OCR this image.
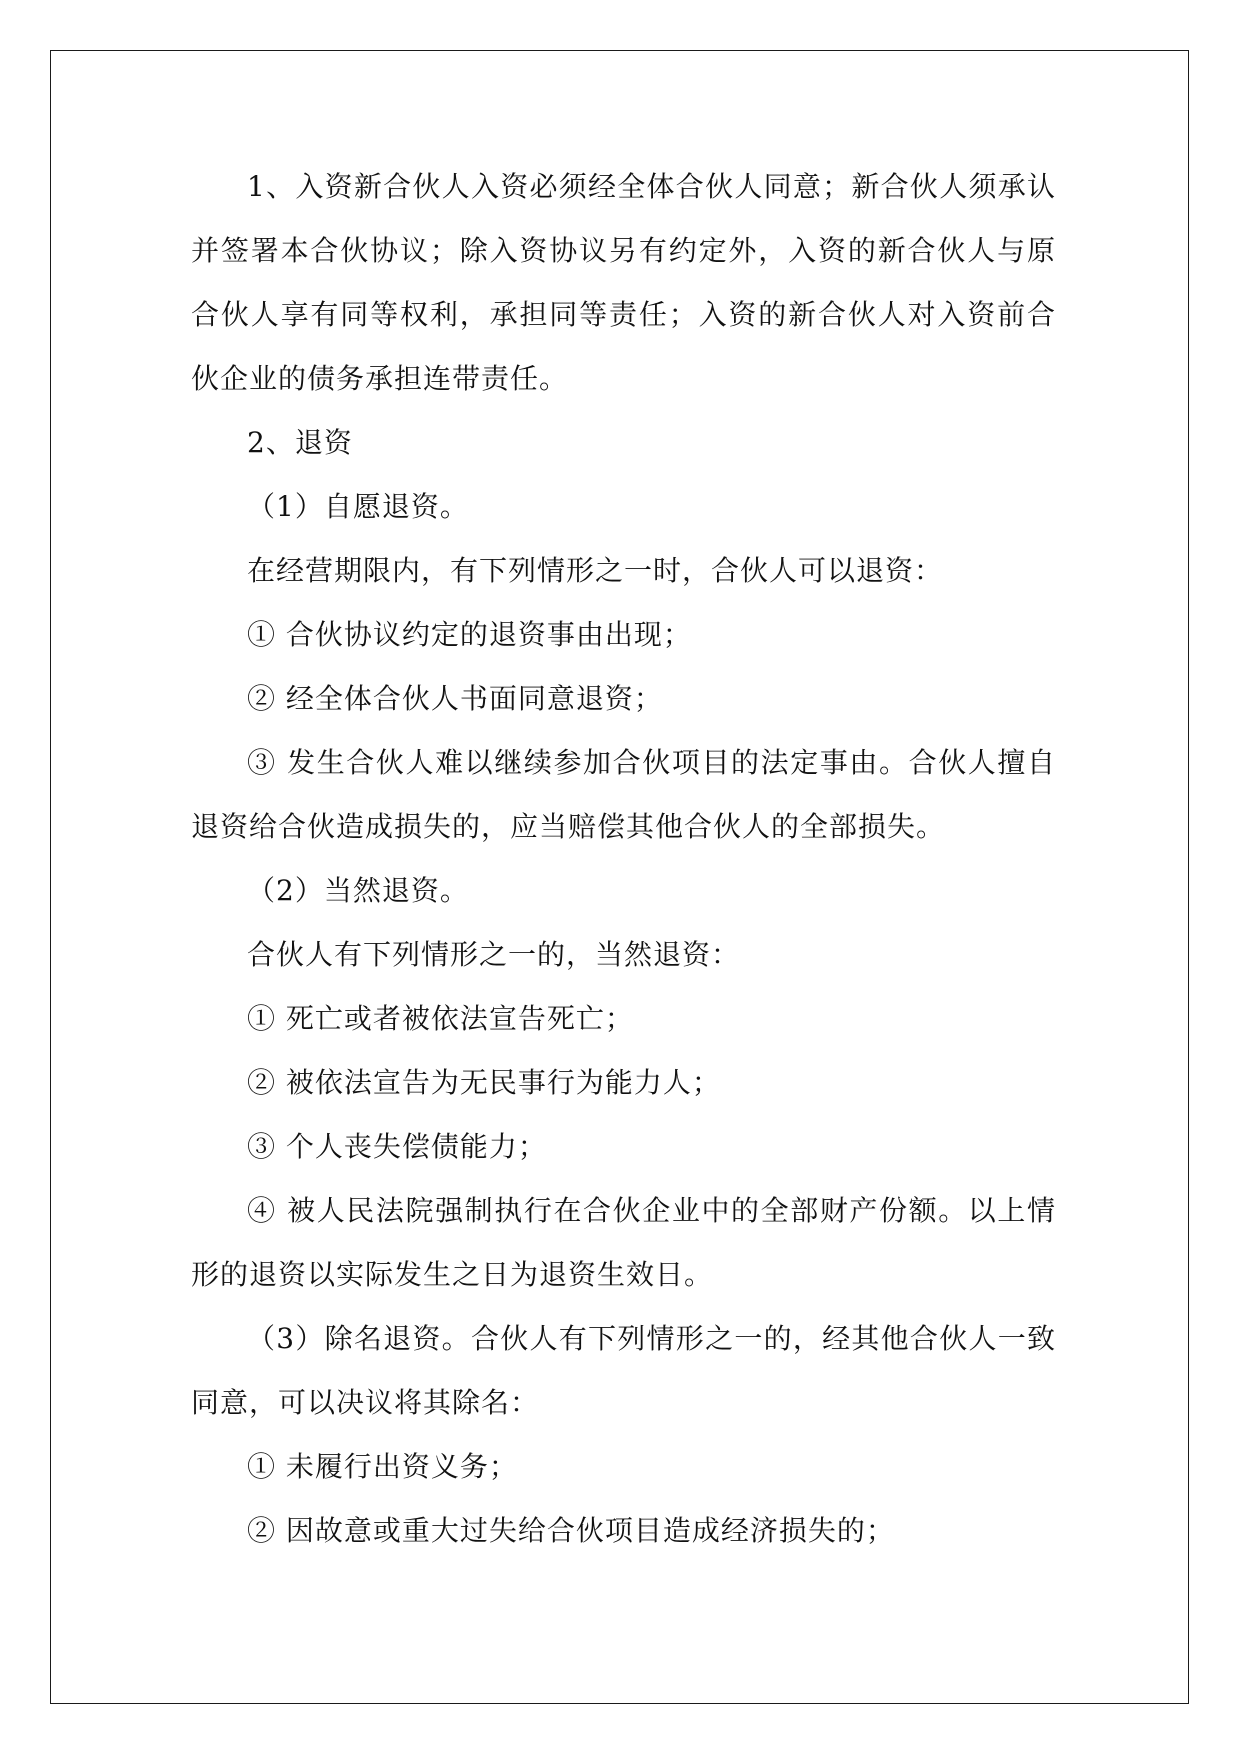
1、入资新合伙人入资必须经全体合伙人同意；新合伙人须承认并签署本合伙协议；除入资协议另有约定外，入资的新合伙人与原合伙人享有同等权利，承担同等责任；入资的新合伙人对入资前合伙企业的债务承担连带责任。

2、退资

（1）自愿退资。

在经营期限内，有下列情形之一时，合伙人可以退资：

① 合伙协议约定的退资事由出现；

② 经全体合伙人书面同意退资；

③ 发生合伙人难以继续参加合伙项目的法定事由。合伙人擅自退资给合伙造成损失的，应当赔偿其他合伙人的全部损失。

（2）当然退资。

合伙人有下列情形之一的，当然退资：

① 死亡或者被依法宣告死亡；

② 被依法宣告为无民事行为能力人；

③ 个人丧失偿债能力；

④ 被人民法院强制执行在合伙企业中的全部财产份额。以上情形的退资以实际发生之日为退资生效日。

（3）除名退资。合伙人有下列情形之一的，经其他合伙人一致同意，可以决议将其除名：

① 未履行出资义务；

② 因故意或重大过失给合伙项目造成经济损失的；
